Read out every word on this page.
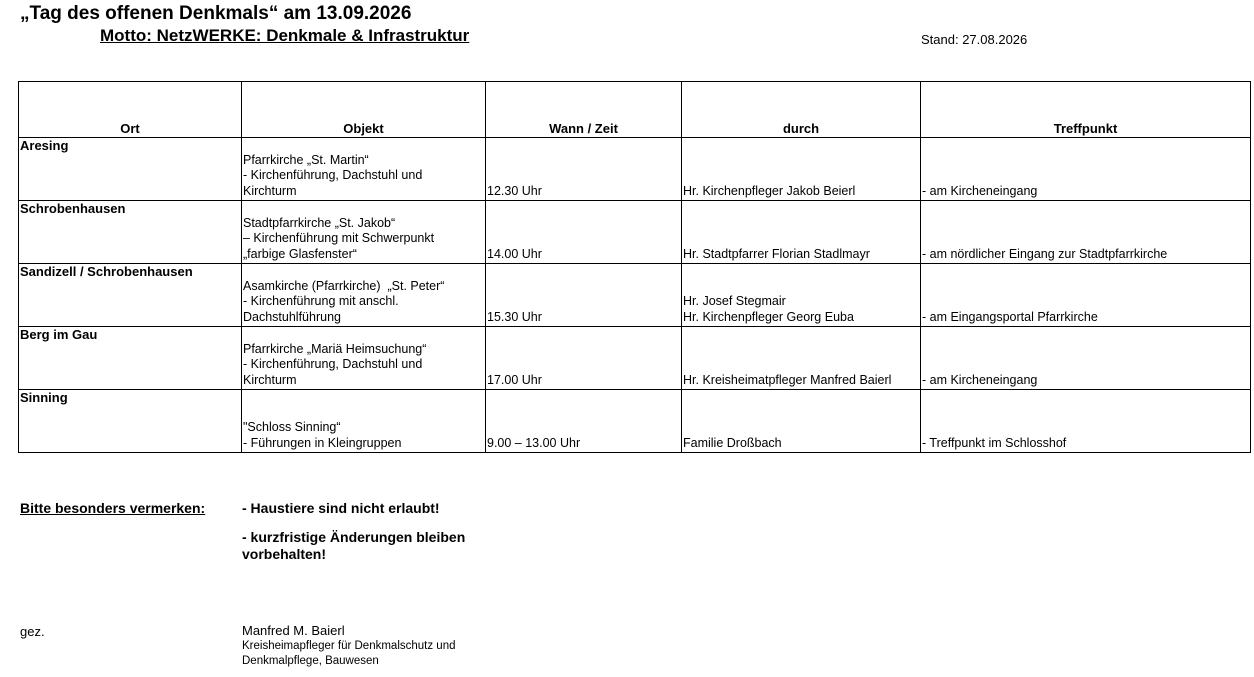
„Tag des offenen Denkmals“ am 13.09.2026
Motto: NetzWERKE: Denkmale & Infrastruktur	Stand: 27.08.2026
Ort	Objekt	Wann / Zeit	durch	Treffpunkt
Aresing	Pfarrkirche „St. Martin“
- Kirchenführung, Dachstuhl und
Kirchturm	12.30 Uhr	Hr. Kirchenpfleger Jakob Beierl	- am Kircheneingang
Schrobenhausen	Stadtpfarrkirche „St. Jakob“
– Kirchenführung mit Schwerpunkt
„farbige Glasfenster“	14.00 Uhr	Hr. Stadtpfarrer Florian Stadlmayr	- am nördlicher Eingang zur Stadtpfarrkirche
Sandizell / Schrobenhausen	Asamkirche (Pfarrkirche)  „St. Peter“
- Kirchenführung mit anschl.
Dachstuhlführung	15.30 Uhr	Hr. Josef Stegmair
Hr. Kirchenpfleger Georg Euba	- am Eingangsportal Pfarrkirche
Berg im Gau	Pfarrkirche „Mariä Heimsuchung“
- Kirchenführung, Dachstuhl und
Kirchturm	17.00 Uhr	Hr. Kreisheimatpfleger Manfred Baierl	- am Kircheneingang
Sinning	"Schloss Sinning“
- Führungen in Kleingruppen	9.00 – 13.00 Uhr	Familie Droßbach	- Treffpunkt im Schlosshof
Bitte besonders vermerken:	- Haustiere sind nicht erlaubt!
- kurzfristige Änderungen bleiben vorbehalten!
gez.	Manfred M. Baierl
Kreisheimapfleger für Denkmalschutz und Denkmalpflege, Bauwesen
